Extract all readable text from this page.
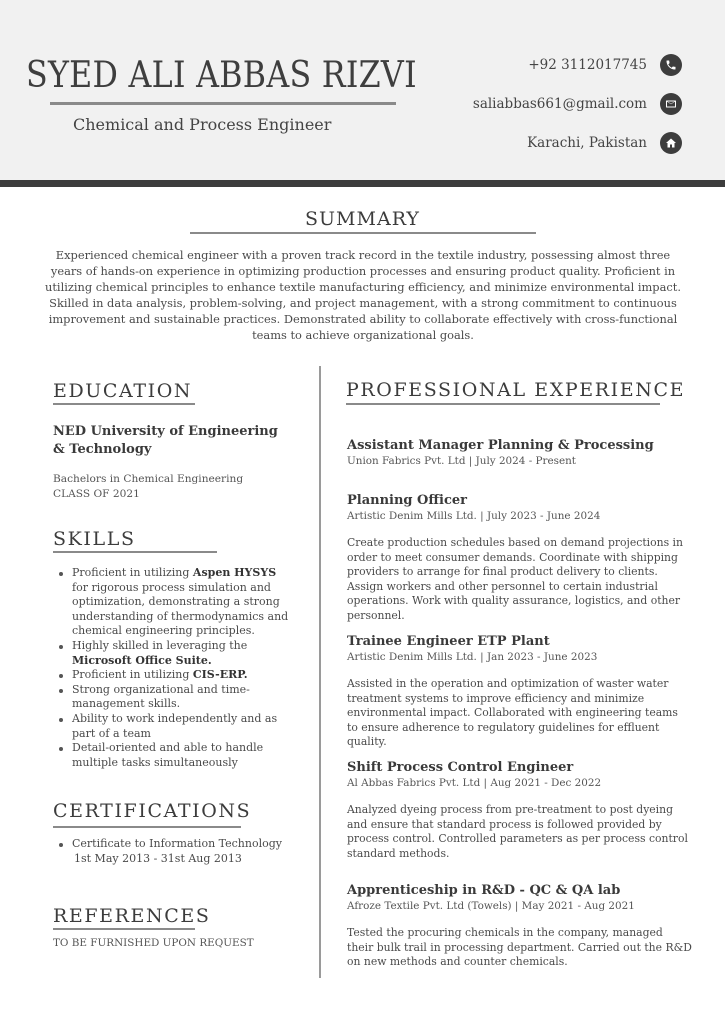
SYED ALI ABBAS RIZVI
Chemical and Process Engineer
+92 3112017745
saliabbas661@gmail.com
Karachi, Pakistan
SUMMARY

Experienced chemical engineer with a proven track record in the textile industry, possessing almost three years of hands-on experience in optimizing production processes and ensuring product quality. Proficient in utilizing chemical principles to enhance textile manufacturing efficiency, and minimize environmental impact. Skilled in data analysis, problem-solving, and project management, with a strong commitment to continuous improvement and sustainable practices. Demonstrated ability to collaborate effectively with cross-functional teams to achieve organizational goals.

EDUCATION
NED University of Engineering & Technology
Bachelors in Chemical Engineering
CLASS OF 2021
SKILLS
Proficient in utilizing Aspen HYSYS for rigorous process simulation and optimization, demonstrating a strong understanding of thermodynamics and chemical engineering principles.
Highly skilled in leveraging the Microsoft Office Suite.
Proficient in utilizing CIS-ERP.
Strong organizational and time-management skills.
Ability to work independently and as part of a team
Detail-oriented and able to handle multiple tasks simultaneously
CERTIFICATIONS
Certificate to Information Technology
1st May 2013 - 31st Aug 2013
REFERENCES
TO BE FURNISHED UPON REQUEST
PROFESSIONAL EXPERIENCE
Assistant Manager Planning & Processing
Union Fabrics Pvt. Ltd | July 2024 - Present
Planning Officer
Artistic Denim Mills Ltd. | July 2023 - June 2024

Create production schedules based on demand projections in order to meet consumer demands. Coordinate with shipping providers to arrange for final product delivery to clients. Assign workers and other personnel to certain industrial operations. Work with quality assurance, logistics, and other personnel.

Trainee Engineer ETP Plant
Artistic Denim Mills Ltd. | Jan 2023 - June 2023

Assisted in the operation and optimization of waster water treatment systems to improve efficiency and minimize environmental impact. Collaborated with engineering teams to ensure adherence to regulatory guidelines for effluent quality.

Shift Process Control Engineer
Al Abbas Fabrics Pvt. Ltd | Aug 2021 - Dec 2022

Analyzed dyeing process from pre-treatment to post dyeing and ensure that standard process is followed provided by process control. Controlled parameters as per process control standard methods.

Apprenticeship in R&D - QC & QA lab
Afroze Textile Pvt. Ltd (Towels) | May 2021 - Aug 2021

Tested the procuring chemicals in the company, managed their bulk trail in processing department. Carried out the R&D on new methods and counter chemicals.
